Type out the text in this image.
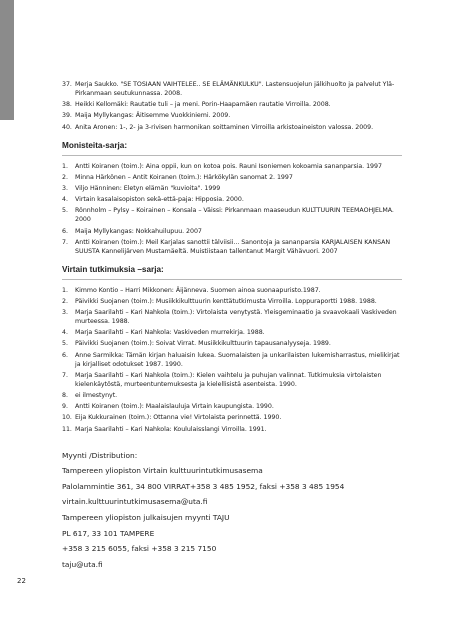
37. Merja Saukko. "SE TOSIAAN VAIHTELEE.. SE ELÄMÄNKULKU". Lastensuojelun jälkihuolto ja palvelut Ylä-Pirkanmaan seutukunnassa. 2008.
38. Heikki Kellomäki: Rautatie tuli – ja meni. Porin-Haapamäen rautatie Virroilla. 2008.
39. Maija Myllykangas: Äitisemme Vuokkiniemi. 2009.
40. Anita Aronen: 1-, 2- ja 3-rivisen harmonikan soittaminen Virroilla arkistoaineiston valossa. 2009.
Monisteita-sarja:
1. Antti Koiranen (toim.): Aina oppii, kun on kotoa pois. Rauni Isoniemen kokoamia sananparsia. 1997
2. Minna Härkönen – Antit Koiranen (toim.): Härkökylän sanomat 2. 1997
3. Viljo Hänninen: Eletyn elämän "kuvioita". 1999
4. Virtain kasalaisopiston sekä-että-paja: Hipposia. 2000.
5. Rönnholm – Pylsy – Koirainen – Konsala – Väissi: Pirkanmaan maaseudun KULTTUURIN TEEMAOHJELMA. 2000
6. Maija Myllykangas: Nokkahuilupuu. 2007
7. Antti Koiranen (toim.): Meil Karjalas sanottii tälviisii... Sanontoja ja sananparsia KARJALAISEN KANSAN SUUSTA Kannelijärven Mustamäeltä. Muistiistaan tallentanut Margit Vähävuori. 2007
Virtain tutkimuksia –sarja:
1. Kimmo Kontio – Harri Mikkonen: Äijänneva. Suomen ainoa suonaapuristo.1987.
2. Päivikki Suojanen (toim.): Musiikkikulttuurin kenttätutkimusta Virroilla. Loppuraportti 1988. 1988.
3. Marja Saarilahti – Kari Nahkola (toim.): Virtolaista venytystä. Yleisgeminaatio ja svaavokaali Vaskiveden murteessa. 1988.
4. Marja Saarilahti – Kari Nahkola: Vaskiveden murrekirja. 1988.
5. Päivikki Suojanen (toim.): Soivat Virrat. Musiikkikulttuurin tapausanalyyseja. 1989.
6. Anne Sarmikka: Tämän kirjan haluaisin lukea. Suomalaisten ja unkarilaisten lukemisharrastus, mielikirjat ja kirjalliset odotukset 1987. 1990.
7. Marja Saarilahti – Kari Nahkola (toim.): Kielen vaihtelu ja puhujan valinnat. Tutkimuksia virtolaisten kielenkäytöstä, murteentuntemuksesta ja kielellisistä asenteista. 1990.
8. ei ilmestynyt.
9. Antti Koiranen (toim.): Maalaislauluja Virtain kaupungista. 1990.
10. Eija Kukkurainen (toim.): Ottanna vie! Virtolaista perinnettä. 1990.
11. Marja Saarilahti – Kari Nahkola: Koululaisslangi Virroilla. 1991.
Myynti /Distribution:
Tampereen yliopiston Virtain kulttuurintutkimusasema
Palolammintie 361, 34 800 VIRRAT+358 3 485 1952, faksi +358 3 485 1954
virtain.kulttuurintutkimusasema@uta.fi
Tampereen yliopiston julkaisujen myynti TAJU
PL 617, 33 101 TAMPERE
+358 3 215 6055, faksi +358 3 215 7150
taju@uta.fi
22
